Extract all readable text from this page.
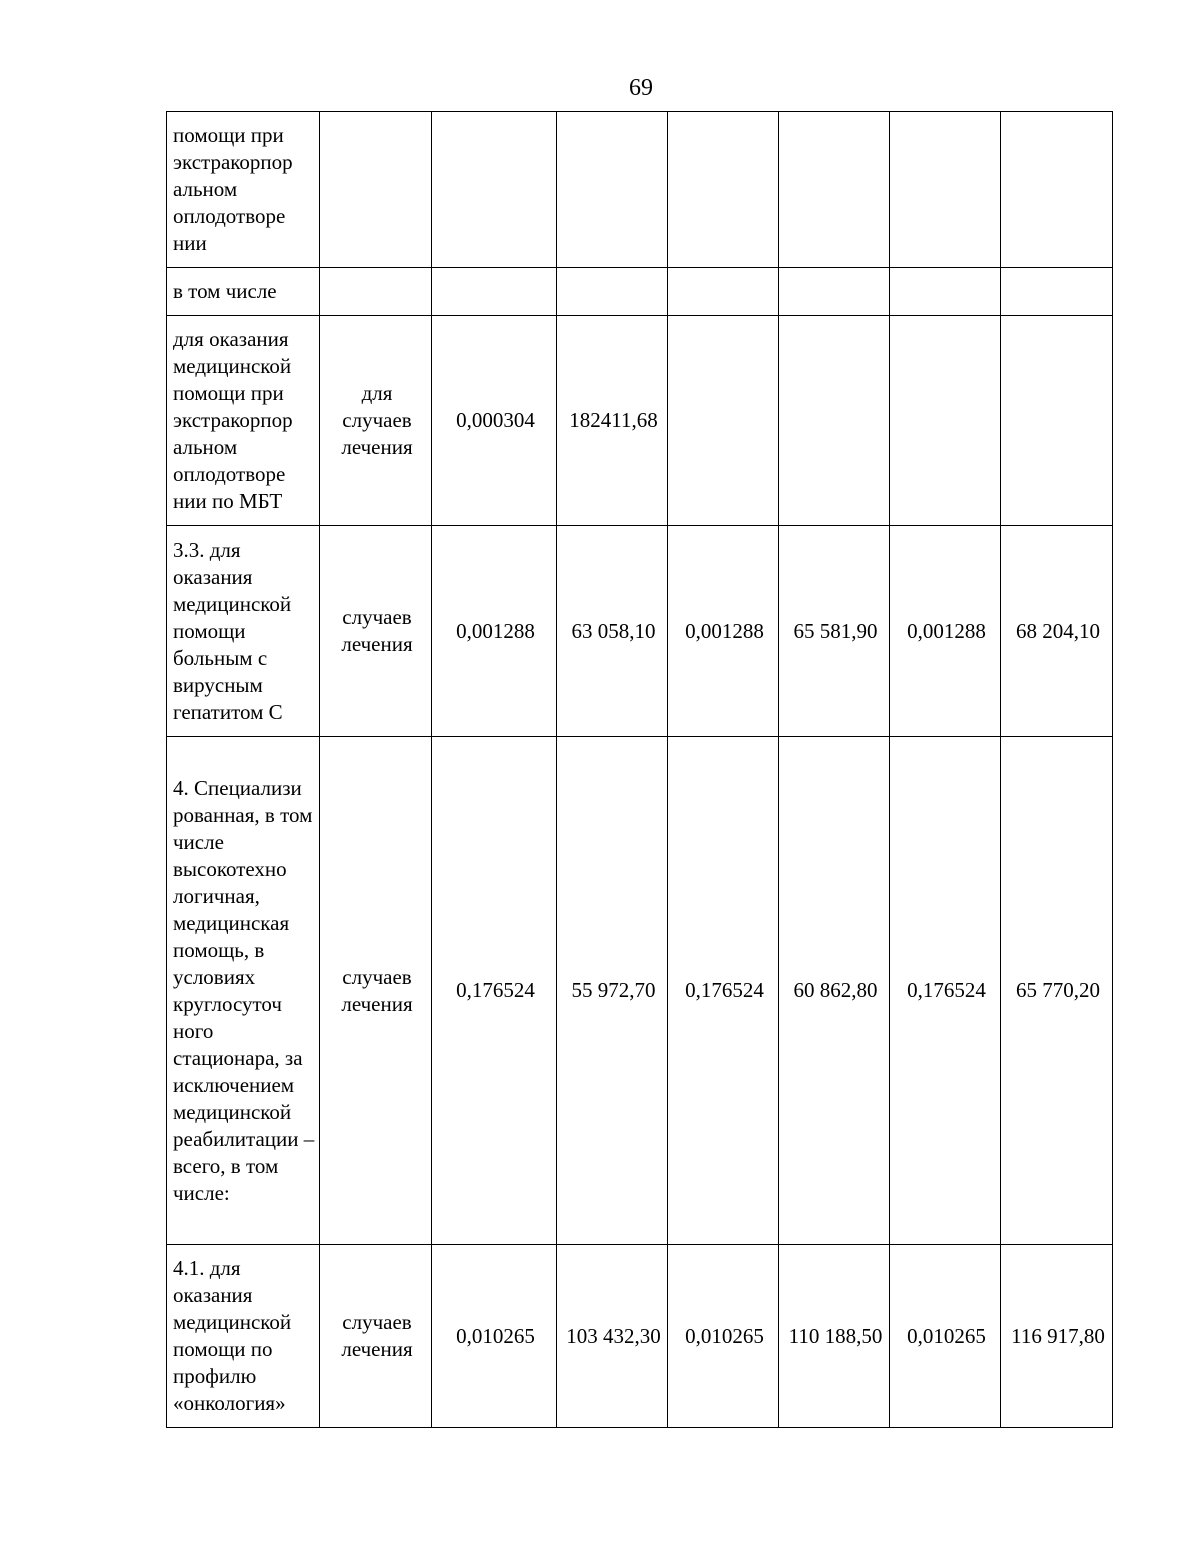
69
помощи при экстракорпор альном оплодотворе нии							
в том числе							
для оказания медицинской помощи при экстракорпор альном оплодотворе нии по МБТ	для случаев лечения	0,000304	182411,68				
3.3. для оказания медицинской помощи больным с вирусным гепатитом С	случаев лечения	0,001288	63 058,10	0,001288	65 581,90	0,001288	68 204,10
4. Специализи рованная, в том числе высокотехно логичная, медицинская помощь, в условиях круглосуточ ного стационара, за исключением медицинской реабилитации – всего, в том числе:	случаев лечения	0,176524	55 972,70	0,176524	60 862,80	0,176524	65 770,20
4.1. для оказания медицинской помощи по профилю «онкология»	случаев лечения	0,010265	103 432,30	0,010265	110 188,50	0,010265	116 917,80
